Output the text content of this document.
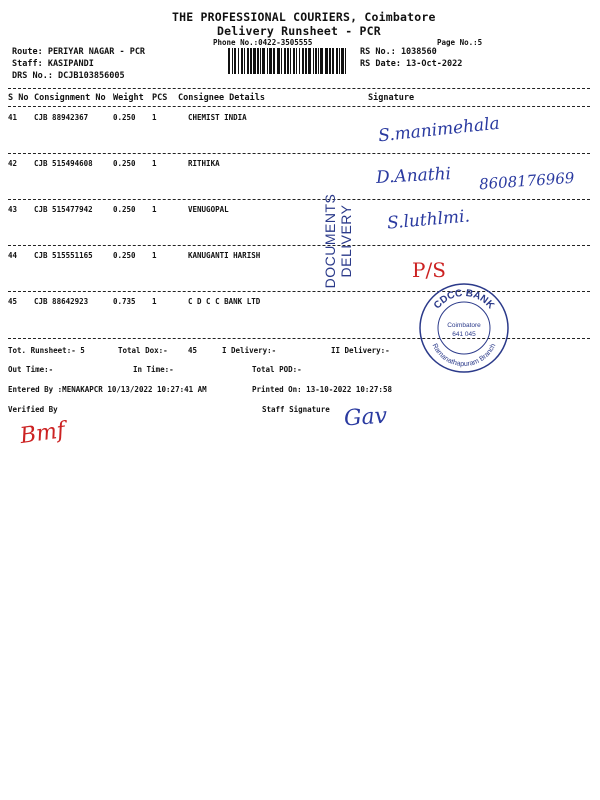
THE PROFESSIONAL COURIERS, Coimbatore
Delivery Runsheet - PCR
Phone No.:0422-3505555	Page No.:5
Route: PERIYAR NAGAR - PCR
Staff: KASIPANDI
DRS No.: DCJB103856005
RS No.: 1038560
RS Date: 13-Oct-2022
S No Consignment No Weight PCS Consignee Details	Signature
41 CJB 88942367	0.250 1	CHEMIST INDIA
42 CJB 515494608	0.250 1	RITHIKA
43 CJB 515477942	0.250 1	VENUGOPAL
44 CJB 515551165	0.250 1	KANUGANTI HARISH
45 CJB 88642923	0.735 1	C D C C BANK LTD
DOCUMENTS DELIVERY
S.manimehala
D.Anathi 8608176969
S.luthlmi.
P/S
CDCC BANK
Ramanathapuram Branch
Coimbatore
641 045
Tot. Runsheet:- 5	Total Dox:-	45	I Delivery:-	II Delivery:-
Out Time:-	In Time:-	Total POD:-
Entered By :MENAKAPCR 10/13/2022 10:27:41 AM	Printed On: 13-10-2022 10:27:58
Verified By	Staff Signature
Bmf
Gav
